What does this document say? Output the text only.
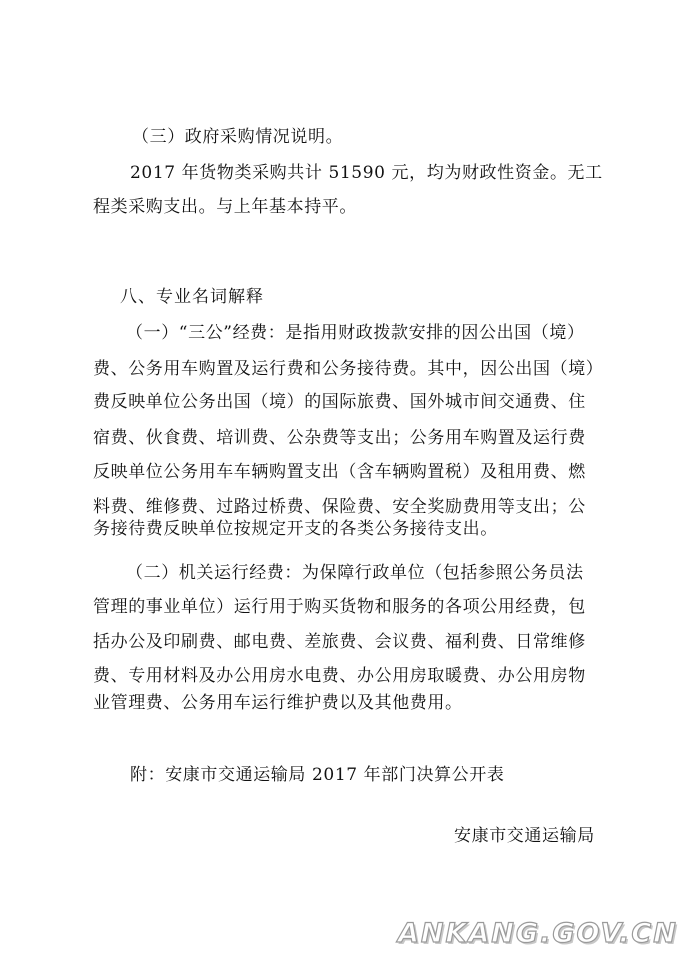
（三）政府采购情况说明。
2017 年货物类采购共计 51590 元，均为财政性资金。无工
程类采购支出。与上年基本持平。
八、专业名词解释
（一）“三公”经费：是指用财政拨款安排的因公出国（境）
费、公务用车购置及运行费和公务接待费。其中，因公出国（境）
费反映单位公务出国（境）的国际旅费、国外城市间交通费、住
宿费、伙食费、培训费、公杂费等支出；公务用车购置及运行费
反映单位公务用车车辆购置支出（含车辆购置税）及租用费、燃
料费、维修费、过路过桥费、保险费、安全奖励费用等支出；公
务接待费反映单位按规定开支的各类公务接待支出。
（二）机关运行经费：为保障行政单位（包括参照公务员法
管理的事业单位）运行用于购买货物和服务的各项公用经费，包
括办公及印刷费、邮电费、差旅费、会议费、福利费、日常维修
费、专用材料及办公用房水电费、办公用房取暖费、办公用房物
业管理费、公务用车运行维护费以及其他费用。
附：安康市交通运输局 2017 年部门决算公开表
安康市交通运输局
ANKANG.GOV.CN
